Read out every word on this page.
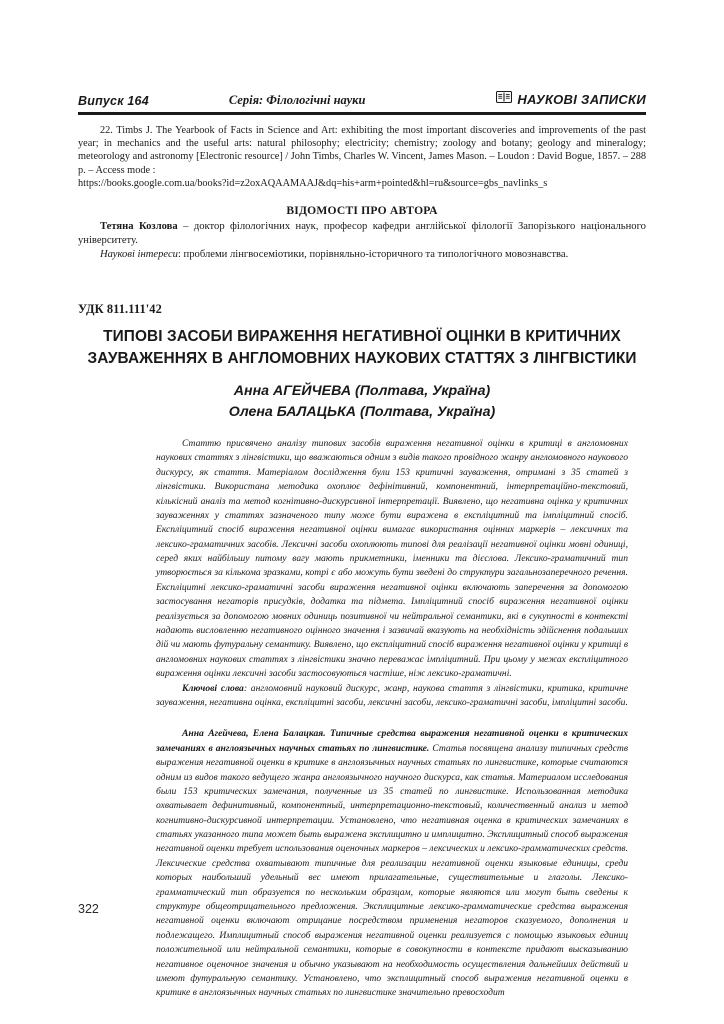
Випуск 164	Серія: Філологічні науки	НАУКОВІ ЗАПИСКИ

22. Timbs J. The Yearbook of Facts in Science and Art: exhibiting the most important discoveries and improvements of the past year; in mechanics and the useful arts: natural philosophy; electricity; chemistry; zoology and botany; geology and mineralogy; meteorology and astronomy [Electronic resource] / John Timbs, Charles W. Vincent, James Mason. – Loudon : David Bogue, 1857. – 288 p. – Access mode :

https://books.google.com.ua/books?id=z2oxAQAAMAAJ&dq=his+arm+pointed&hl=ru&source=gbs_navlinks_s

ВІДОМОСТІ ПРО АВТОРА

Тетяна Козлова – доктор філологічних наук, професор кафедри англійської філології Запорізького національного університету.

Наукові інтереси: проблеми лінгвосеміотики, порівняльно-історичного та типологічного мовознавства.

УДК 811.111'42
ТИПОВІ ЗАСОБИ ВИРАЖЕННЯ НЕГАТИВНОЇ ОЦІНКИ В КРИТИЧНИХ ЗАУВАЖЕННЯХ В АНГЛОМОВНИХ НАУКОВИХ СТАТТЯХ З ЛІНГВІСТИКИ
Анна АГЕЙЧЕВА (Полтава, Україна)
Олена БАЛАЦЬКА (Полтава, Україна)

Статтю присвячено аналізу типових засобів вираження негативної оцінки в критиці в англомовних наукових статтях з лінгвістики, що вважаються одним з видів такого провідного жанру англомовного наукового дискурсу, як стаття. Матеріалом дослідження були 153 критичні зауваження, отримані з 35 статей з лінгвістики. Використана методика охоплює дефінітивний, компонентний, інтерпретаційно-текстовий, кількісний аналіз та метод когнітивно-дискурсивної інтерпретації. Виявлено, що негативна оцінка у критичних зауваженнях у статтях зазначеного типу може бути виражена в експліцитний та імпліцитний спосіб. Експліцитний спосіб вираження негативної оцінки вимагає використання оцінних маркерів – лексичних та лексико-граматичних засобів. Лексичні засоби охоплюють типові для реалізації негативної оцінки мовні одиниці, серед яких найбільшу питому вагу мають прикметники, іменники та дієслова. Лексико-граматичний тип утворюється за кількома зразками, котрі є або можуть бути зведені до структури загальнозаперечного речення. Експліцитні лексико-граматичні засоби вираження негативної оцінки включають заперечення за допомогою застосування негаторів присудків, додатка та підмета. Імпліцитний спосіб вираження негативної оцінки реалізується за допомогою мовних одиниць позитивної чи нейтральної семантики, які в сукупності в контексті надають висловленню негативного оцінного значення і зазвичай вказують на необхідність здійснення подальших дій чи мають футуральну семантику. Виявлено, що експліцитний спосіб вираження негативної оцінки у критиці в англомовних наукових статтях з лінгвістики значно переважає імпліцитний. При цьому у межах експліцитного вираження оцінки лексичні засоби застосовуються частіше, ніж лексико-граматичні.

Ключові слова: англомовний науковий дискурс, жанр, наукова стаття з лінгвістики, критика, критичне зауваження, негативна оцінка, експліцитні засоби, лексичні засоби, лексико-граматичні засоби, імпліцитні засоби.

Анна Агейчева, Елена Балацкая. Типичные средства выражения негативной оценки в критических замечаниях в англоязычных научных статьях по лингвистике. Статья посвящена анализу типичных средств выражения негативной оценки в критике в англоязычных научных статьях по лингвистике, которые считаются одним из видов такого ведущего жанра англоязычного научного дискурса, как статья. Материалом исследования были 153 критических замечания, полученные из 35 статей по лингвистике. Использованная методика охватывает дефинитивный, компонентный, интерпретационно-текстовый, количественный анализ и метод когнитивно-дискурсивной интерпретации. Установлено, что негативная оценка в критических замечаниях в статьях указанного типа может быть выражена эксплицитно и имплицитно. Эксплицитный способ выражения негативной оценки требует использования оценочных маркеров – лексических и лексико-грамматических средств. Лексические средства охватывают типичные для реализации негативной оценки языковые единицы, среди которых наибольший удельный вес имеют прилагательные, существительные и глаголы. Лексико-грамматический тип образуется по нескольким образцам, которые являются или могут быть сведены к структуре общеотрицательного предложения. Эксплицитные лексико-грамматические средства выражения негативной оценки включают отрицание посредством применения негаторов сказуемого, дополнения и подлежащего. Имплицитный способ выражения негативной оценки реализуется с помощью языковых единиц положительной или нейтральной семантики, которые в совокупности в контексте придают высказыванию негативное оценочное значения и обычно указывают на необходимость осуществления дальнейших действий и имеют футуральную семантику. Установлено, что эксплицитный способ выражения негативной оценки в критике в англоязычных научных статьях по лингвистике значительно превосходит

322
